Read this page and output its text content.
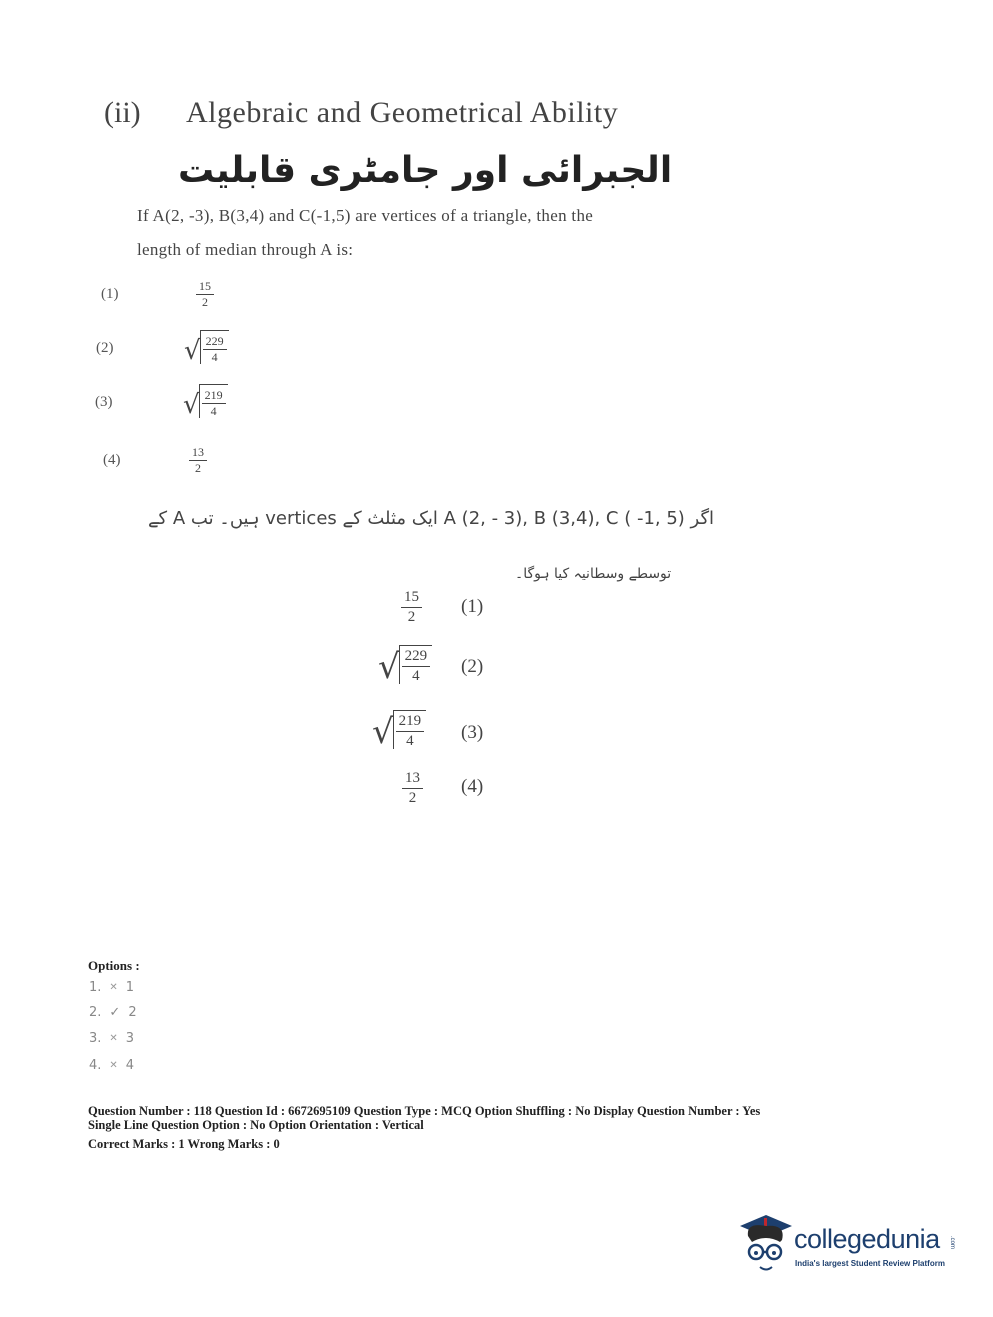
(ii) Algebraic and Geometrical Ability
الجبرائی اور جامٹری قابلیت
If A(2, -3), B(3,4) and C(-1,5) are vertices of a triangle, then the
length of median through A is:
(1)	$\frac{15}{2}$
(2)	√ $\frac{229}{4}$
(3)	√ $\frac{219}{4}$
(4)	$\frac{13}{2}$
اگر A (2, - 3), B (3,4), C ( -1, 5) ایک مثلث کے vertices ہیں۔ تب A کے
توسطے وسطانیہ کیا ہوگا۔
$\frac{15}{2} (1)$
√ $\frac{229}{4} (2)$
√ $\frac{219}{4} (3)$
$\frac{13}{2} (4)$
Options :
1. ✕ 1
2. ✓ 2
3. ✕ 3
4. ✕ 4
Question Number : 118 Question Id : 6672695109 Question Type : MCQ Option Shuffling : No Display Question Number : Yes
Single Line Question Option : No Option Orientation : Vertical
Correct Marks : 1 Wrong Marks : 0
collegedunia .com
India's largest Student Review Platform
